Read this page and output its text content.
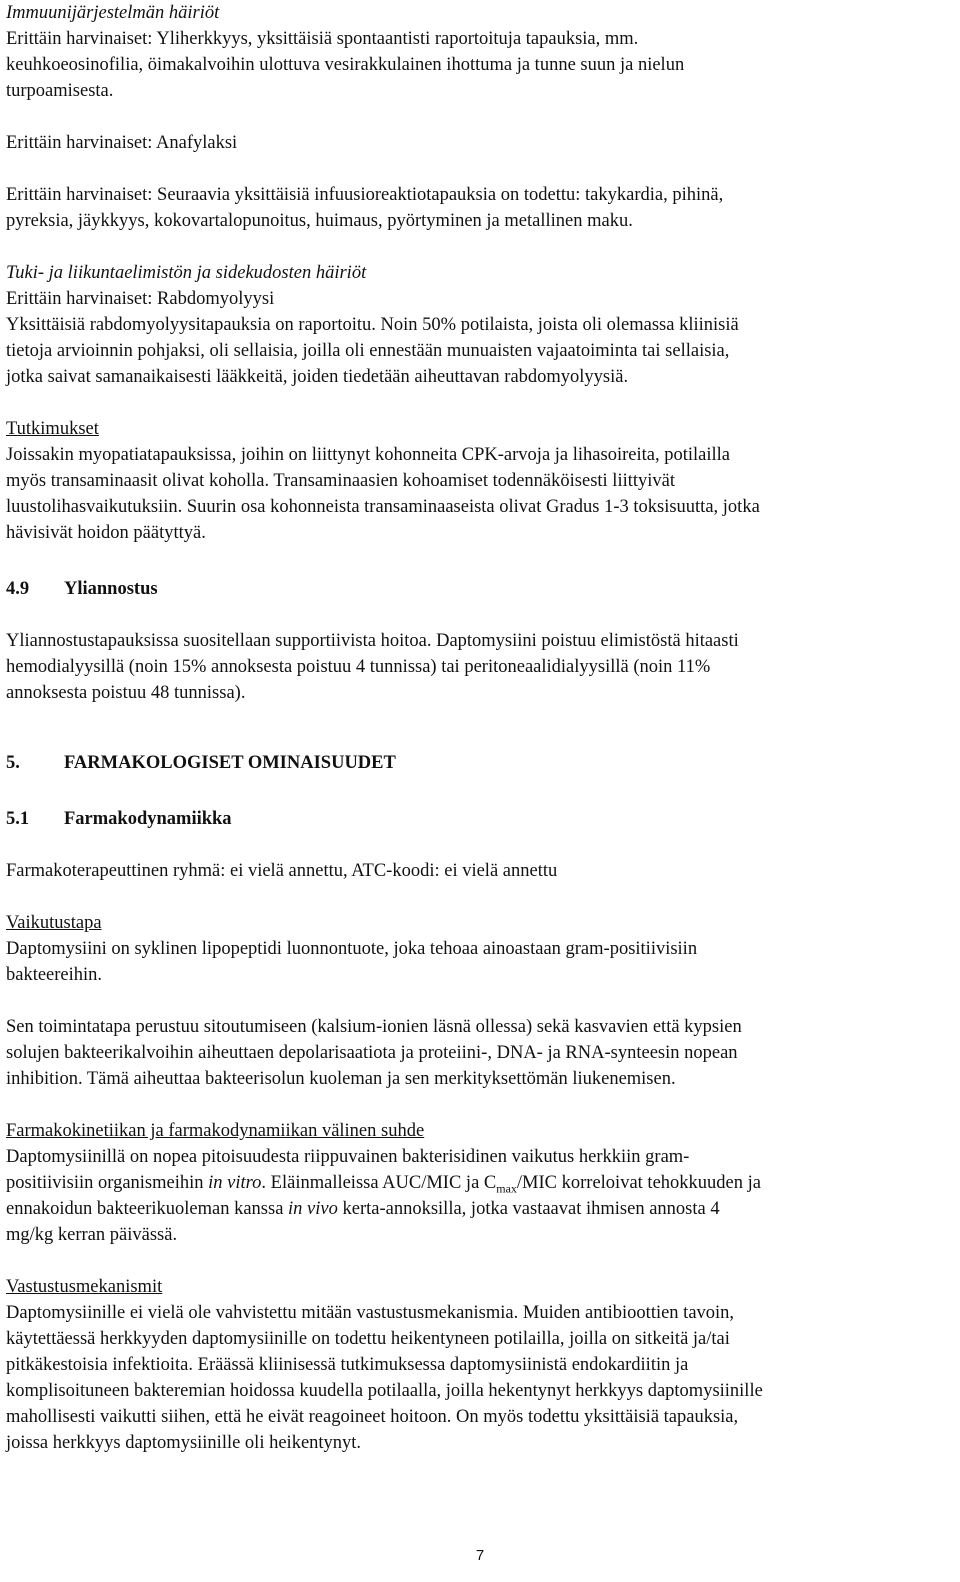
Immuunijärjestelmän häiriöt
Erittäin harvinaiset: Yliherkkyys, yksittäisiä spontaantisti raportoituja tapauksia, mm.
keuhkoeosinofilia, öimakalvoihin ulottuva vesirakkulainen ihottuma ja tunne suun ja nielun
turpoamisesta.
Erittäin harvinaiset: Anafylaksi
Erittäin harvinaiset: Seuraavia yksittäisiä infuusioreaktiotapauksia on todettu: takykardia, pihinä,
pyreksia, jäykkyys, kokovartalopunoitus, huimaus, pyörtyminen ja metallinen maku.
Tuki- ja liikuntaelimistön ja sidekudosten häiriöt
Erittäin harvinaiset: Rabdomyolyysi
Yksittäisiä rabdomyolyysitapauksia on raportoitu. Noin 50% potilaista, joista oli olemassa kliinisiä
tietoja arvioinnin pohjaksi, oli sellaisia, joilla oli ennestään munuaisten vajaatoiminta tai sellaisia,
jotka saivat samanaikaisesti lääkkeitä, joiden tiedetään aiheuttavan rabdomyolyysiä.
Tutkimukset
Joissakin myopatiatapauksissa, joihin on liittynyt kohonneita CPK-arvoja ja lihasoireita, potilailla
myös transaminaasit olivat koholla. Transaminaasien kohoamiset todennäköisesti liittyivät
luustolihasvaikutuksiin. Suurin osa kohonneista transaminaaseista olivat Gradus 1-3 toksisuutta, jotka
hävisivät hoidon päätyttyä.
4.9 Yliannostus
Yliannostustapauksissa suositellaan supportiivista hoitoa. Daptomysiini poistuu elimistöstä hitaasti
hemodialyysillä (noin 15% annoksesta poistuu 4 tunnissa) tai peritoneaalidialyysillä (noin 11%
annoksesta poistuu 48 tunnissa).
5. FARMAKOLOGISET OMINAISUUDET
5.1 Farmakodynamiikka
Farmakoterapeuttinen ryhmä: ei vielä annettu, ATC-koodi: ei vielä annettu
Vaikutustapa
Daptomysiini on syklinen lipopeptidi luonnontuote, joka tehoaa ainoastaan gram-positiivisiin
bakteereihin.
Sen toimintatapa perustuu sitoutumiseen (kalsium-ionien läsnä ollessa) sekä kasvavien että kypsien
solujen bakteerikalvoihin aiheuttaen depolarisaatiota ja proteiini-, DNA- ja RNA-synteesin nopean
inhibition. Tämä aiheuttaa bakteerisolun kuoleman ja sen merkityksettömän liukenemisen.
Farmakokinetiikan ja farmakodynamiikan välinen suhde
Daptomysiinillä on nopea pitoisuudesta riippuvainen bakterisidinen vaikutus herkkiin gram-
positiivisiin organismeihin in vitro. Eläinmalleissa AUC/MIC ja $C_{max}$/MIC korreloivat tehokkuuden ja
ennakoidun bakteerikuoleman kanssa in vivo kerta-annoksilla, jotka vastaavat ihmisen annosta 4
mg/kg kerran päivässä.
Vastustusmekanismit
Daptomysiinille ei vielä ole vahvistettu mitään vastustusmekanismia. Muiden antibioottien tavoin,
käytettäessä herkkyyden daptomysiinille on todettu heikentyneen potilailla, joilla on sitkeitä ja/tai
pitkäkestoisia infektioita. Eräässä kliinisessä tutkimuksessa daptomysiinistä endokardiitin ja
komplisoituneen bakteremian hoidossa kuudella potilaalla, joilla hekentynyt herkkyys daptomysiinille
mahollisesti vaikutti siihen, että he eivät reagoineet hoitoon. On myös todettu yksittäisiä tapauksia,
joissa herkkyys daptomysiinille oli heikentynyt.
7
